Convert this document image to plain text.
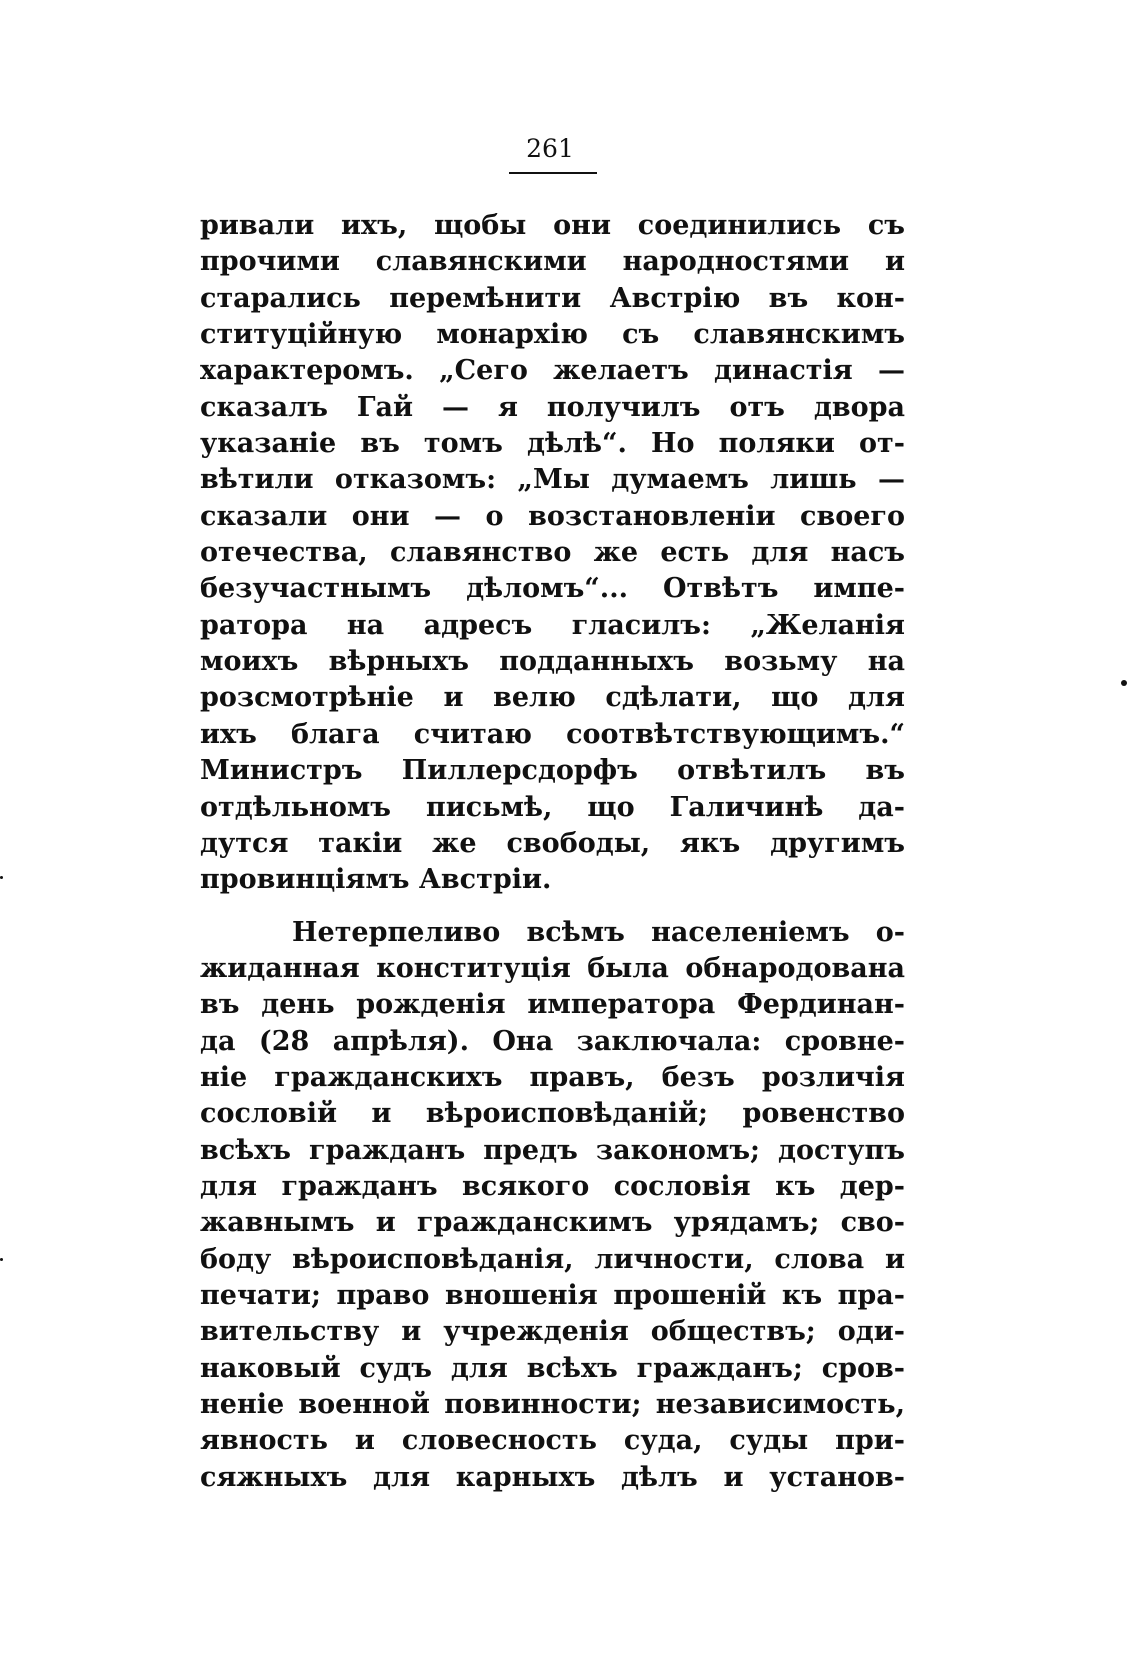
261
ривали ихъ, щобы они соединились съ
прочими славянскими народностями и
старались перемѣнити Австрію въ кон-
ституційную монархію съ славянскимъ
характеромъ. „Сего желаетъ династія —
сказалъ Гай — я получилъ отъ двора
указаніе въ томъ дѣлѣ“. Но поляки от-
вѣтили отказомъ: „Мы думаемъ лишь —
сказали они — о возстановленіи своего
отечества, славянство же есть для насъ
безучастнымъ дѣломъ“... Отвѣтъ импе-
ратора на адресъ гласилъ: „Желанія
моихъ вѣрныхъ подданныхъ возьму на
розсмотрѣніе и велю сдѣлати, що для
ихъ блага считаю соотвѣтствующимъ.“
Министръ Пиллерсдорфъ отвѣтилъ въ
отдѣльномъ письмѣ, що Галичинѣ да-
дутся такіи же свободы, якъ другимъ
провинціямъ Австріи.
Нетерпеливо всѣмъ населеніемъ о-
жиданная конституція была обнародована
въ день рожденія императора Фердинан-
да (28 апрѣля). Она заключала: сровне-
ніе гражданскихъ правъ, безъ розличія
сословій и вѣроисповѣданій; ровенство
всѣхъ гражданъ предъ закономъ; доступъ
для гражданъ всякого сословія къ дер-
жавнымъ и гражданскимъ урядамъ; сво-
боду вѣроисповѣданія, личности, слова и
печати; право вношенія прошеній къ пра-
вительству и учрежденія обществъ; оди-
наковый судъ для всѣхъ гражданъ; сров-
неніе военной повинности; независимость,
явность и словесность суда, суды при-
сяжныхъ для карныхъ дѣлъ и установ-
